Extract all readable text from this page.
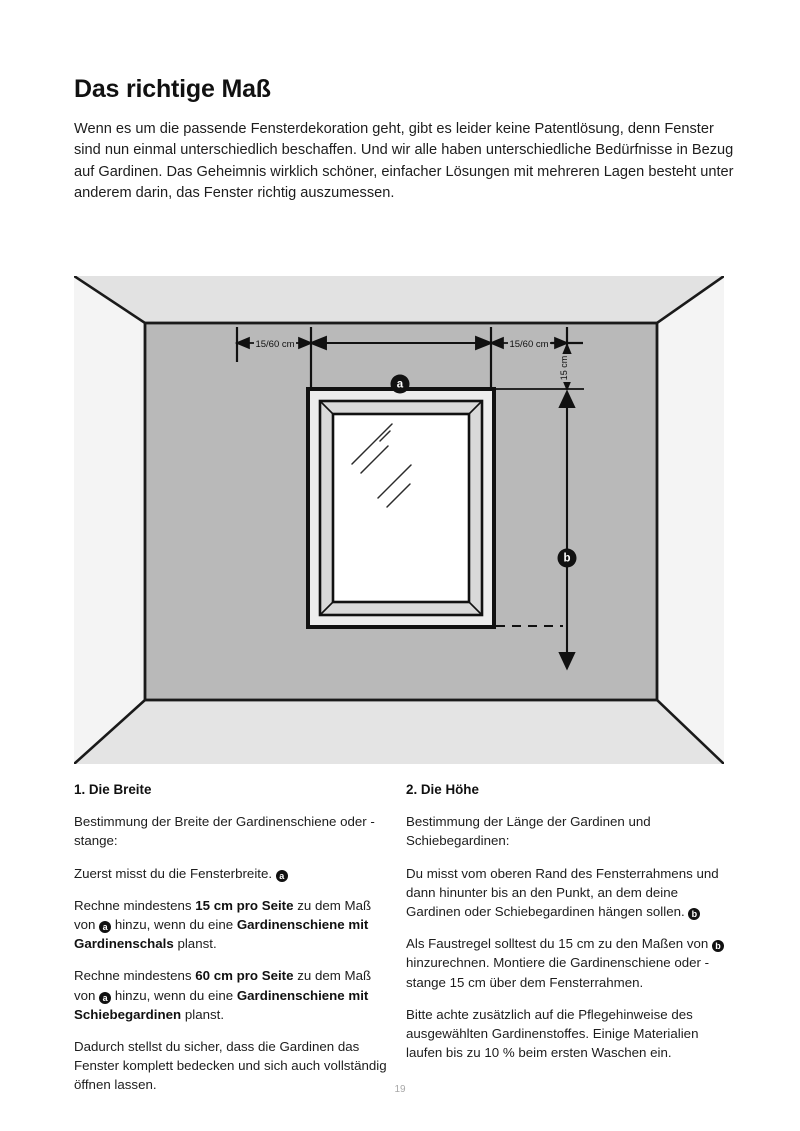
Das richtige Maß

Wenn es um die passende Fensterdekoration geht, gibt es leider keine Patentlösung, denn Fenster sind nun einmal unterschiedlich beschaffen. Und wir alle haben unterschiedliche Bedürfnisse in Bezug auf Gardinen. Das Geheimnis wirklich schöner, einfacher Lösungen mit mehreren Lagen besteht unter anderem darin, das Fenster richtig auszumessen.

15/60 cm	15/60 cm
a
15 cm
b
1. Die Breite

Bestimmung der Breite der Gardinenschiene oder -stange:

Zuerst misst du die Fensterbreite. a

Rechne mindestens 15 cm pro Seite zu dem Maß von a hinzu, wenn du eine Gardinenschiene mit Gardinenschals planst.

Rechne mindestens 60 cm pro Seite zu dem Maß von a hinzu, wenn du eine Gardinenschiene mit Schiebegardinen planst.

Dadurch stellst du sicher, dass die Gardinen das Fenster komplett bedecken und sich auch vollständig öffnen lassen.

2. Die Höhe

Bestimmung der Länge der Gardinen und Schiebegardinen:

Du misst vom oberen Rand des Fensterrahmens und dann hinunter bis an den Punkt, an dem deine Gardinen oder Schiebegardinen hängen sollen. b

Als Faustregel solltest du 15 cm zu den Maßen von b hinzurechnen. Montiere die Gardinenschiene oder -stange 15 cm über dem Fensterrahmen.

Bitte achte zusätzlich auf die Pflegehinweise des ausgewählten Gardinenstoffes. Einige Materialien laufen bis zu 10 % beim ersten Waschen ein.

19
